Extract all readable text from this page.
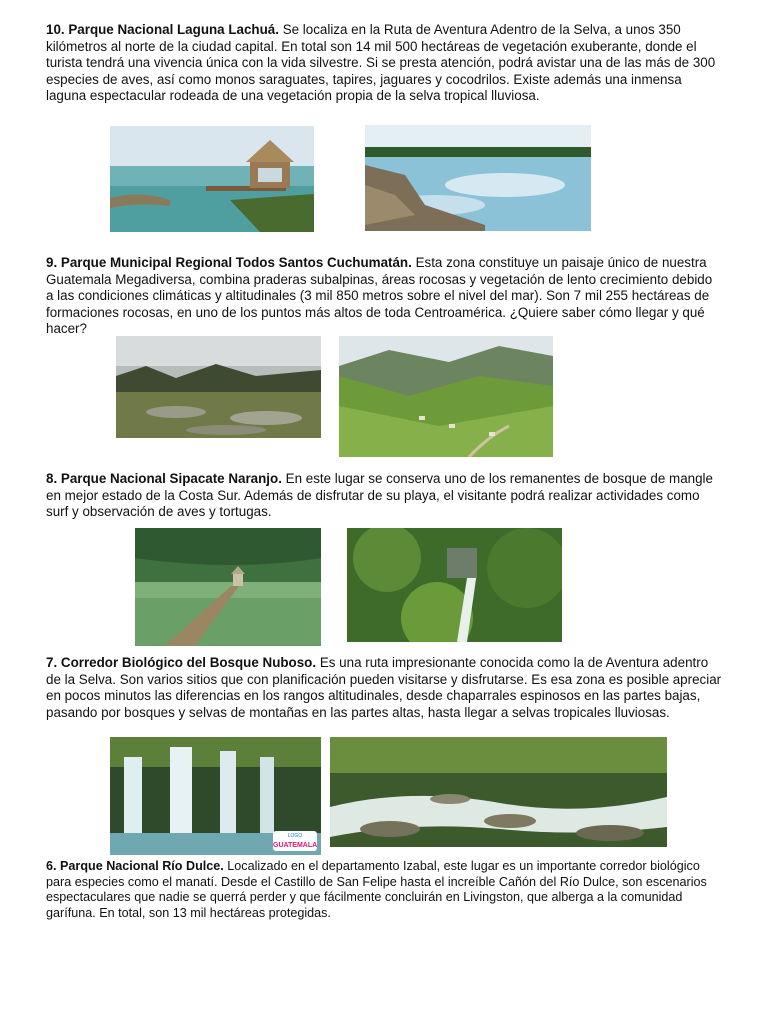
10. Parque Nacional Laguna Lachuá. Se localiza en la Ruta de Aventura Adentro de la Selva, a unos 350 kilómetros al norte de la ciudad capital. En total son 14 mil 500 hectáreas de vegetación exuberante, donde el turista tendrá una vivencia única con la vida silvestre. Si se presta atención, podrá avistar una de las más de 300 especies de aves, así como monos saraguates, tapires, jaguares y cocodrilos. Existe además una inmensa laguna espectacular rodeada de una vegetación propia de la selva tropical lluviosa.

9. Parque Municipal Regional Todos Santos Cuchumatán. Esta zona constituye un paisaje único de nuestra Guatemala Megadiversa, combina praderas subalpinas, áreas rocosas y vegetación de lento crecimiento debido a las condiciones climáticas y altitudinales (3 mil 850 metros sobre el nivel del mar). Son 7 mil 255 hectáreas de formaciones rocosas, en uno de los puntos más altos de toda Centroamérica. ¿Quiere saber cómo llegar y qué hacer?

8. Parque Nacional Sipacate Naranjo. En este lugar se conserva uno de los remanentes de bosque de mangle en mejor estado de la Costa Sur. Además de disfrutar de su playa, el visitante podrá realizar actividades como surf y observación de aves y tortugas.

7. Corredor Biológico del Bosque Nuboso. Es una ruta impresionante conocida como la de Aventura adentro de la Selva. Son varios sitios que con planificación pueden visitarse y disfrutarse. Es esa zona es posible apreciar en pocos minutos las diferencias en los rangos altitudinales, desde chaparrales espinosos en las partes bajas, pasando por bosques y selvas de montañas en las partes altas, hasta llegar a selvas tropicales lluviosas.

LOGO
GUATEMALA

6. Parque Nacional Río Dulce. Localizado en el departamento Izabal, este lugar es un importante corredor biológico para especies como el manatí. Desde el Castillo de San Felipe hasta el increíble Cañón del Río Dulce, son escenarios espectaculares que nadie se querrá perder y que fácilmente concluirán en Livingston, que alberga a la comunidad garífuna. En total, son 13 mil hectáreas protegidas.
